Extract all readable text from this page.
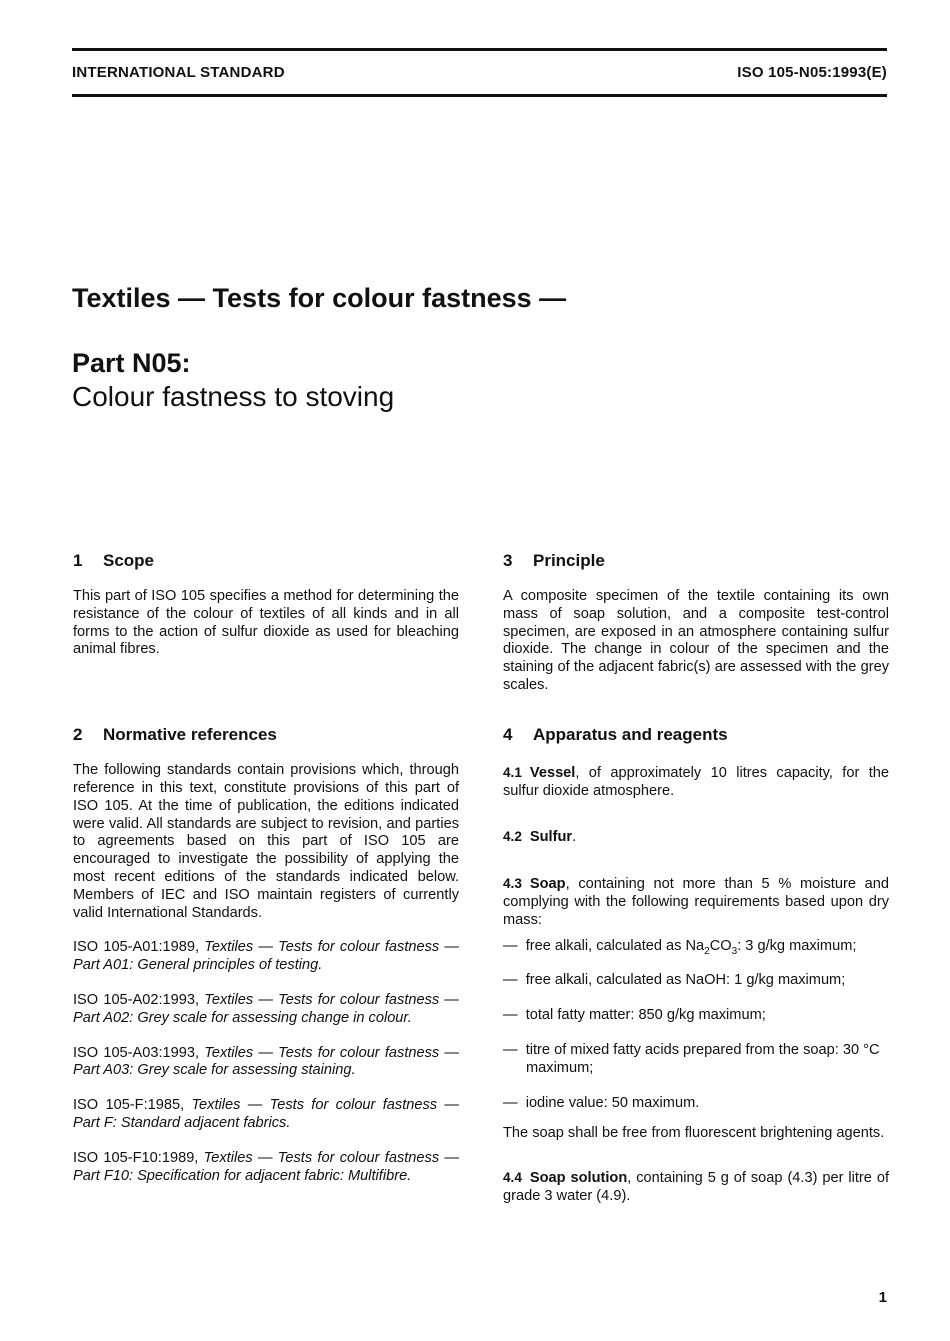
INTERNATIONAL STANDARD	ISO 105-N05:1993(E)
Textiles — Tests for colour fastness —
Part N05:
Colour fastness to stoving
1 Scope

This part of ISO 105 specifies a method for determining the resistance of the colour of textiles of all kinds and in all forms to the action of sulfur dioxide as used for bleaching animal fibres.

2 Normative references

The following standards contain provisions which, through reference in this text, constitute provisions of this part of ISO 105. At the time of publication, the editions indicated were valid. All standards are subject to revision, and parties to agreements based on this part of ISO 105 are encouraged to investigate the possibility of applying the most recent editions of the standards indicated below. Members of IEC and ISO maintain registers of currently valid International Standards.

ISO 105-A01:1989, Textiles — Tests for colour fastness — Part A01: General principles of testing.

ISO 105-A02:1993, Textiles — Tests for colour fastness — Part A02: Grey scale for assessing change in colour.

ISO 105-A03:1993, Textiles — Tests for colour fastness — Part A03: Grey scale for assessing staining.

ISO 105-F:1985, Textiles — Tests for colour fastness — Part F: Standard adjacent fabrics.

ISO 105-F10:1989, Textiles — Tests for colour fastness — Part F10: Specification for adjacent fabric: Multifibre.

3 Principle

A composite specimen of the textile containing its own mass of soap solution, and a composite test-control specimen, are exposed in an atmosphere containing sulfur dioxide. The change in colour of the specimen and the staining of the adjacent fabric(s) are assessed with the grey scales.

4 Apparatus and reagents

4.1 Vessel, of approximately 10 litres capacity, for the sulfur dioxide atmosphere.

4.2 Sulfur.

4.3 Soap, containing not more than 5 % moisture and complying with the following requirements based upon dry mass:

— free alkali, calculated as $Na_2CO_3$: 3 g/kg maximum;

— free alkali, calculated as NaOH: 1 g/kg maximum;

— total fatty matter: 850 g/kg maximum;

— titre of mixed fatty acids prepared from the soap: 30 °C maximum;

— iodine value: 50 maximum.

The soap shall be free from fluorescent brightening agents.

4.4 Soap solution, containing 5 g of soap (4.3) per litre of grade 3 water (4.9).

1
